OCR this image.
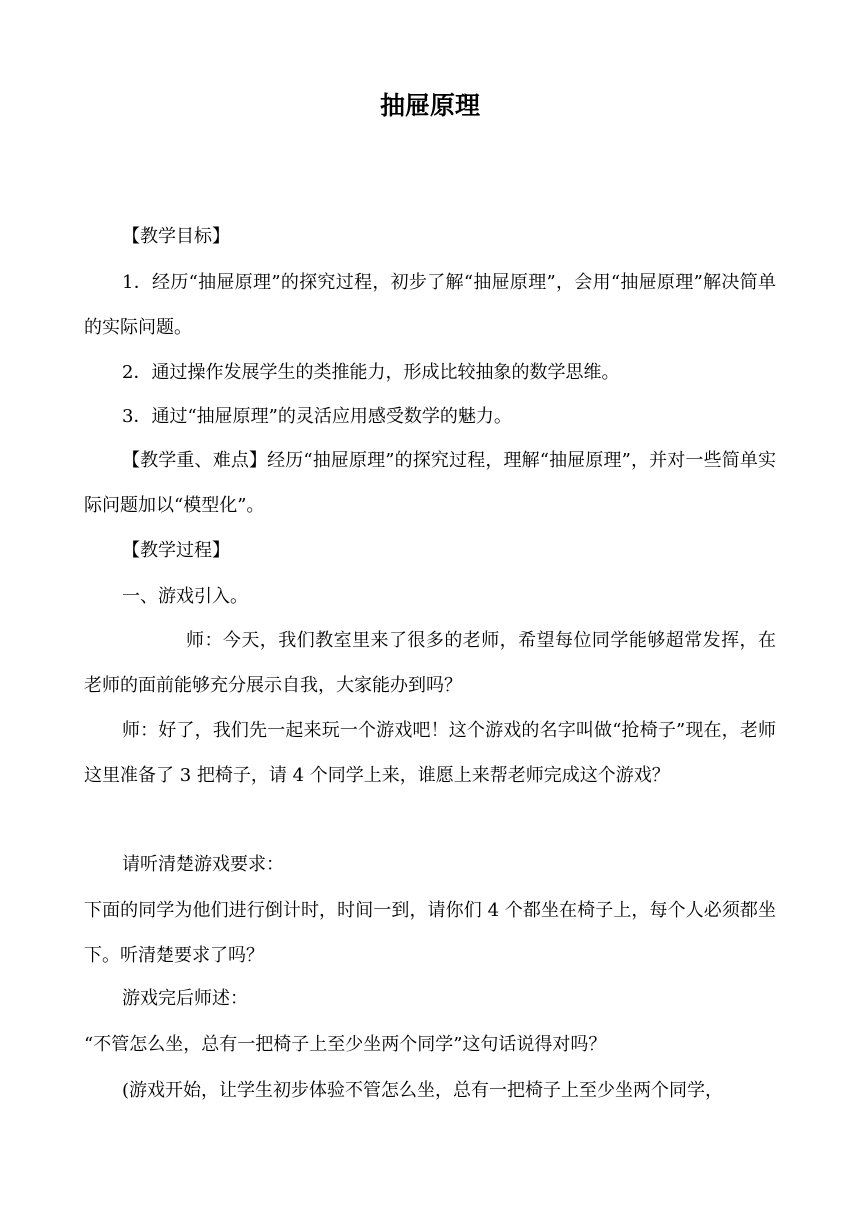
抽屉原理

【教学目标】

1．经历“抽屉原理”的探究过程，初步了解“抽屉原理”，会用“抽屉原理”解决简单的实际问题。

2．通过操作发展学生的类推能力，形成比较抽象的数学思维。

3．通过“抽屉原理”的灵活应用感受数学的魅力。

【教学重、难点】经历“抽屉原理”的探究过程，理解“抽屉原理”，并对一些简单实际问题加以“模型化”。

【教学过程】

一、游戏引入。

师：今天，我们教室里来了很多的老师，希望每位同学能够超常发挥，在老师的面前能够充分展示自我，大家能办到吗？

师：好了，我们先一起来玩一个游戏吧！这个游戏的名字叫做“抢椅子”现在，老师这里准备了 3 把椅子，请 4 个同学上来，谁愿上来帮老师完成这个游戏？

请听清楚游戏要求：

下面的同学为他们进行倒计时，时间一到，请你们 4 个都坐在椅子上，每个人必须都坐下。听清楚要求了吗？

游戏完后师述：

“不管怎么坐，总有一把椅子上至少坐两个同学”这句话说得对吗？

(游戏开始，让学生初步体验不管怎么坐，总有一把椅子上至少坐两个同学，
